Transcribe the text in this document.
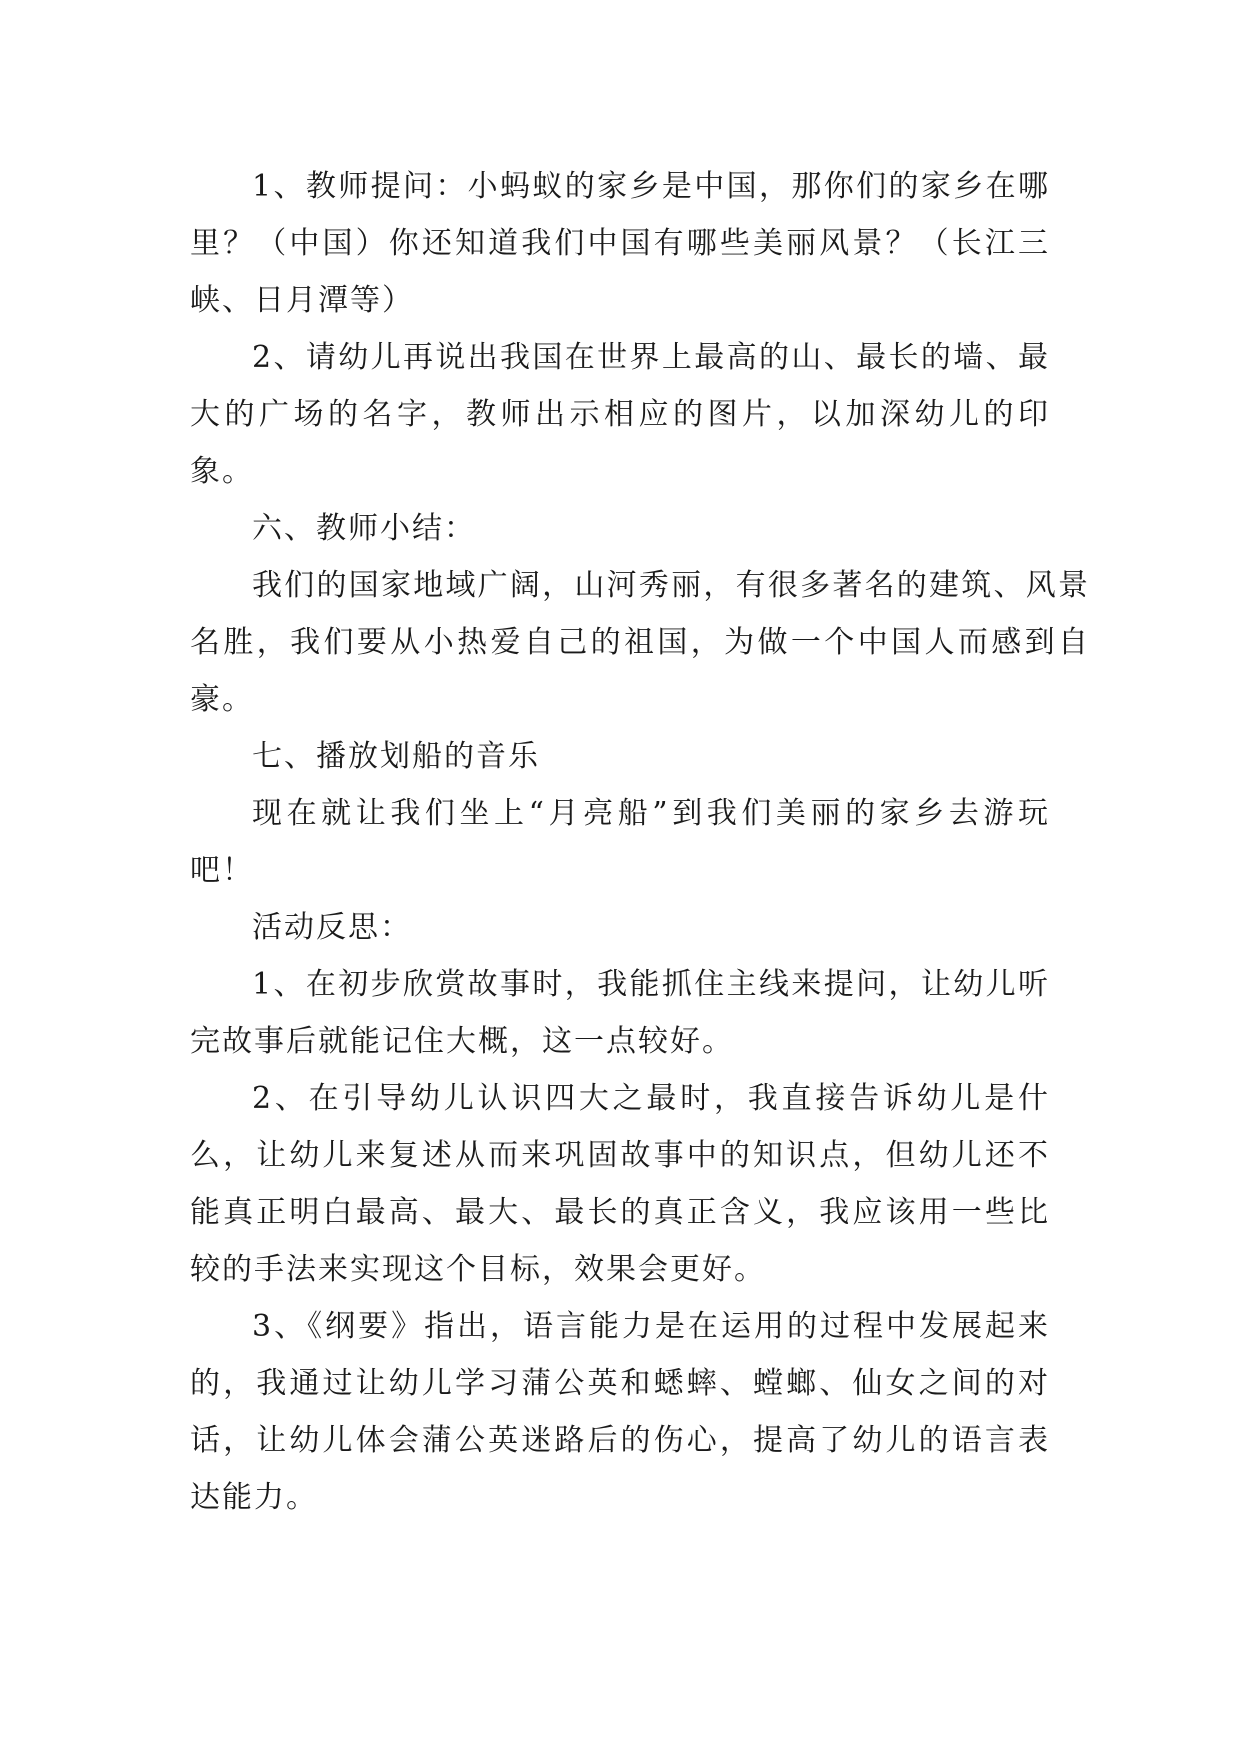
1、教师提问：小蚂蚁的家乡是中国，那你们的家乡在哪里？（中国）你还知道我们中国有哪些美丽风景？（长江三峡、日月潭等）

2、请幼儿再说出我国在世界上最高的山、最长的墙、最大的广场的名字，教师出示相应的图片，以加深幼儿的印象。

六、教师小结：

我们的国家地域广阔，山河秀丽，有很多著名的建筑、风景名胜，我们要从小热爱自己的祖国，为做一个中国人而感到自豪。

七、播放划船的音乐

现在就让我们坐上“月亮船”到我们美丽的家乡去游玩吧！

活动反思：

1、在初步欣赏故事时，我能抓住主线来提问，让幼儿听完故事后就能记住大概，这一点较好。

2、在引导幼儿认识四大之最时，我直接告诉幼儿是什么，让幼儿来复述从而来巩固故事中的知识点，但幼儿还不能真正明白最高、最大、最长的真正含义，我应该用一些比较的手法来实现这个目标，效果会更好。

3、《纲要》指出，语言能力是在运用的过程中发展起来的，我通过让幼儿学习蒲公英和蟋蟀、螳螂、仙女之间的对话，让幼儿体会蒲公英迷路后的伤心，提高了幼儿的语言表达能力。
